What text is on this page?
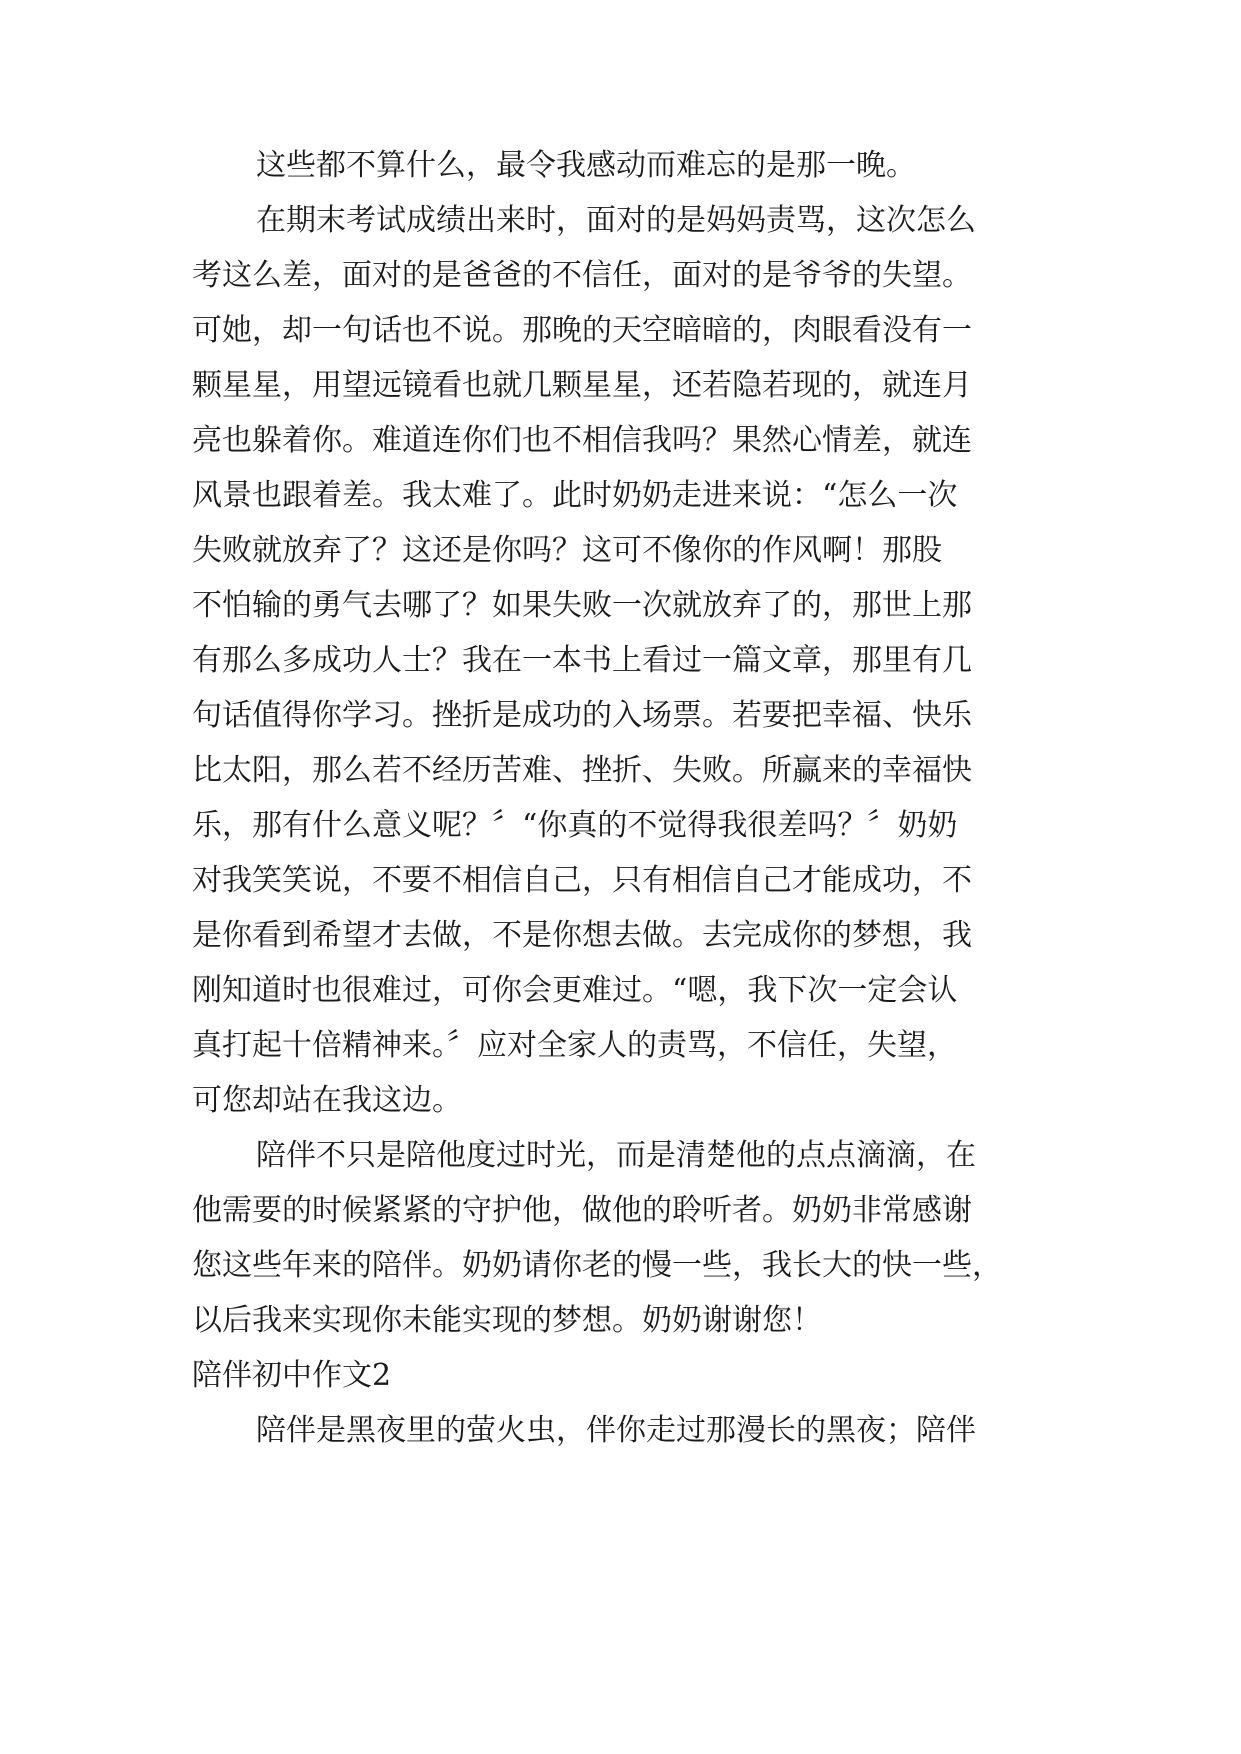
这些都不算什么，最令我感动而难忘的是那一晚。
在期末考试成绩出来时，面对的是妈妈责骂，这次怎么
考这么差，面对的是爸爸的不信任，面对的是爷爷的失望。
可她，却一句话也不说。那晚的天空暗暗的，肉眼看没有一
颗星星，用望远镜看也就几颗星星，还若隐若现的，就连月
亮也躲着你。难道连你们也不相信我吗？果然心情差，就连
风景也跟着差。我太难了。此时奶奶走进来说：“怎么一次
失败就放弃了？这还是你吗？这可不像你的作风啊！那股
不怕输的勇气去哪了？如果失败一次就放弃了的，那世上那
有那么多成功人士？我在一本书上看过一篇文章，那里有几
句话值得你学习。挫折是成功的入场票。若要把幸福、快乐
比太阳，那么若不经历苦难、挫折、失败。所赢来的幸福快
乐，那有什么意义呢？〞“你真的不觉得我很差吗？〞奶奶
对我笑笑说，不要不相信自己，只有相信自己才能成功，不
是你看到希望才去做，不是你想去做。去完成你的梦想，我
刚知道时也很难过，可你会更难过。“嗯，我下次一定会认
真打起十倍精神来。〞应对全家人的责骂，不信任，失望，
可您却站在我这边。
陪伴不只是陪他度过时光，而是清楚他的点点滴滴，在
他需要的时候紧紧的守护他，做他的聆听者。奶奶非常感谢
您这些年来的陪伴。奶奶请你老的慢一些，我长大的快一些，
以后我来实现你未能实现的梦想。奶奶谢谢您！
陪伴初中作文2
陪伴是黑夜里的萤火虫，伴你走过那漫长的黑夜；陪伴
